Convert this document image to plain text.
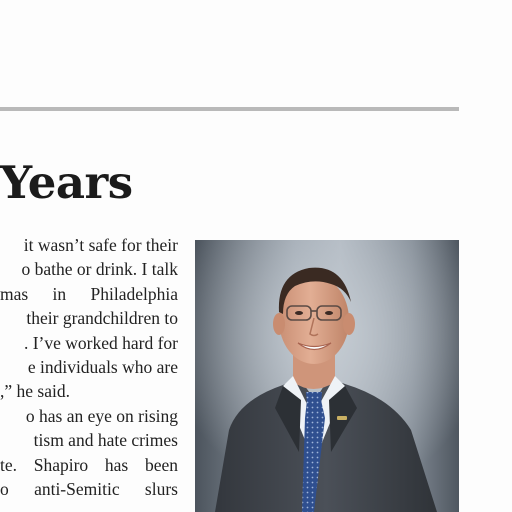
Years
it wasn’t safe for their
o bathe or drink. I talk
mas in Philadelphia
their grandchildren to
. I’ve worked hard for
e individuals who are
,” he said.
o has an eye on rising
tism and hate crimes
te. Shapiro has been
o anti-Semitic slurs
